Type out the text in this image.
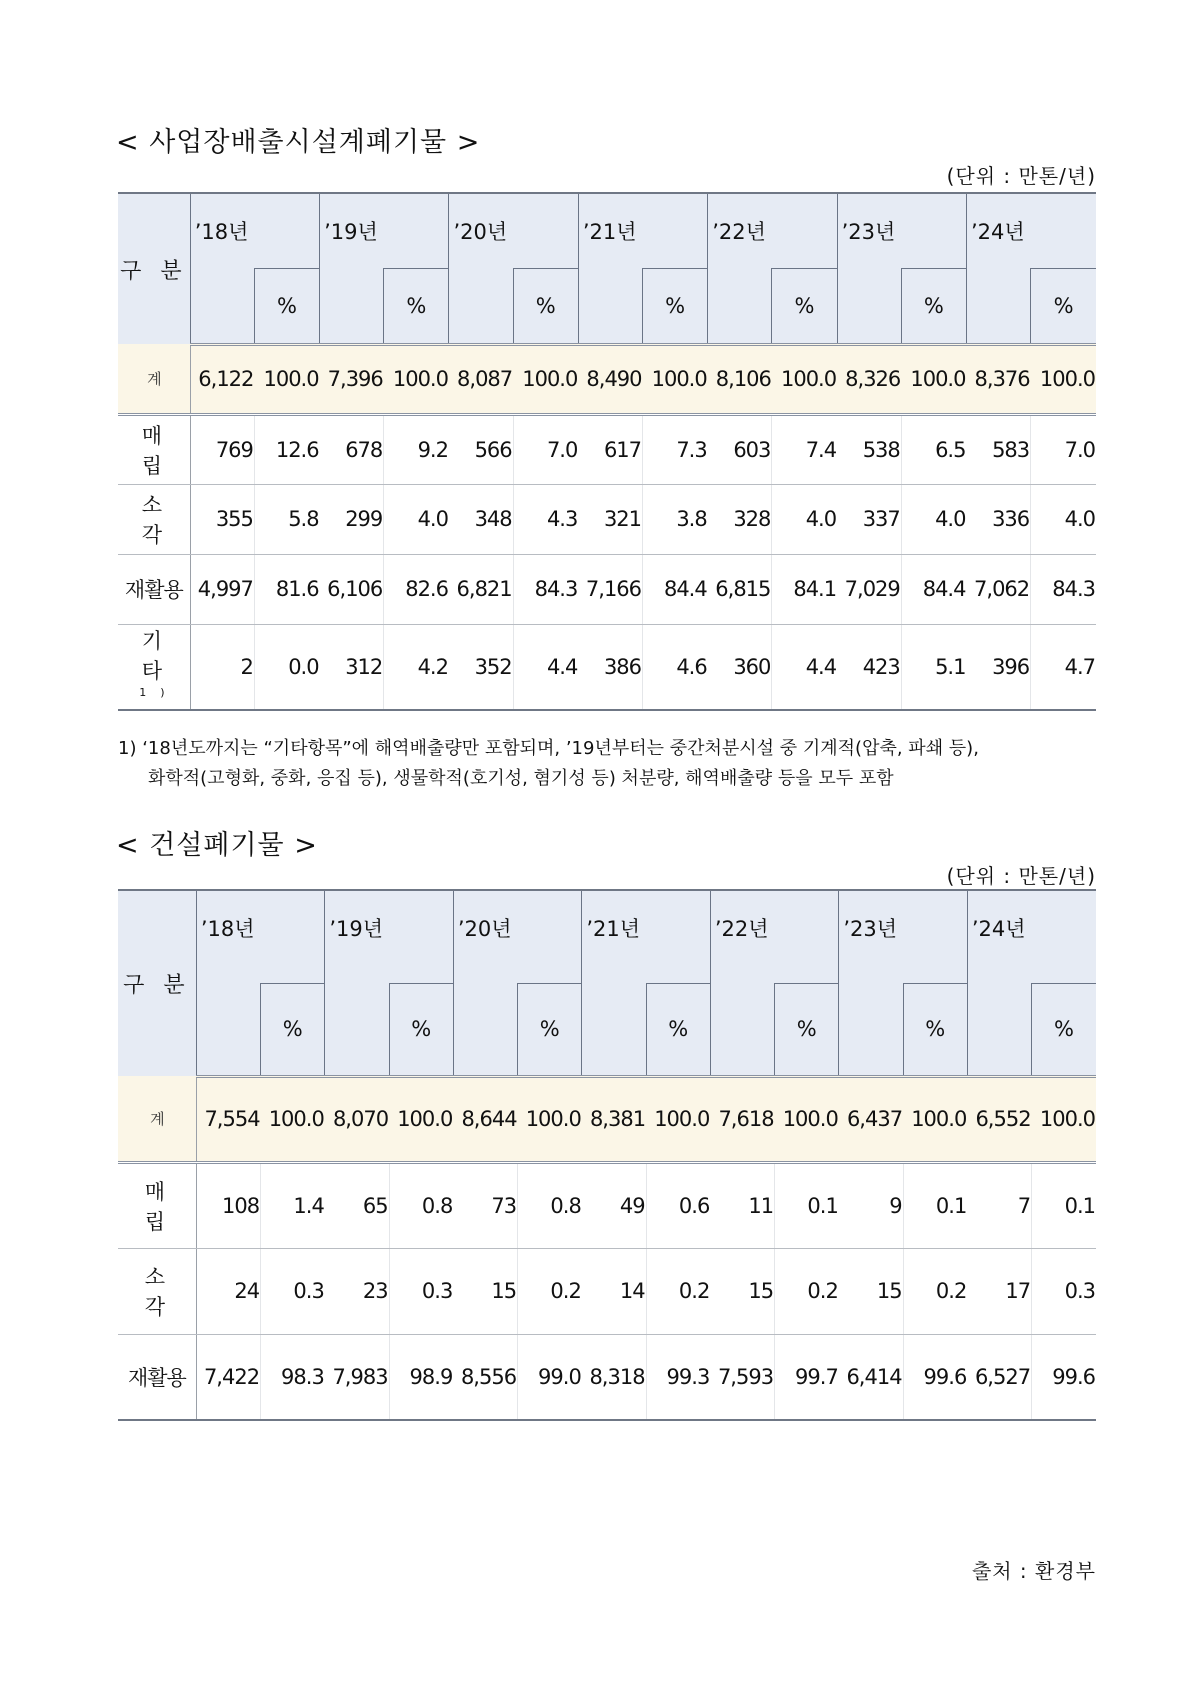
< 사업장배출시설계폐기물 >
(단위 : 만톤/년)
구 분	’18년		’19년		’20년		’21년		’22년		’23년		’24년	
		%		%		%		%		%		%		%
계	6,122	100.0	7,396	100.0	8,087	100.0	8,490	100.0	8,106	100.0	8,326	100.0	8,376	100.0
매 립	769	12.6	678	9.2	566	7.0	617	7.3	603	7.4	538	6.5	583	7.0
소 각	355	5.8	299	4.0	348	4.3	321	3.8	328	4.0	337	4.0	336	4.0
재활용	4,997	81.6	6,106	82.6	6,821	84.3	7,166	84.4	6,815	84.1	7,029	84.4	7,062	84.3
기 타$^{1)}$	2	0.0	312	4.2	352	4.4	386	4.6	360	4.4	423	5.1	396	4.7
1) ‘18년도까지는 “기타항목”에 해역배출량만 포함되며, ’19년부터는 중간처분시설 중 기계적(압축, 파쇄 등),
화학적(고형화, 중화, 응집 등), 생물학적(호기성, 혐기성 등) 처분량, 해역배출량 등을 모두 포함
< 건설폐기물 >
(단위 : 만톤/년)
구 분	’18년		’19년		’20년		’21년		’22년		’23년		’24년	
		%		%		%		%		%		%		%
계	7,554	100.0	8,070	100.0	8,644	100.0	8,381	100.0	7,618	100.0	6,437	100.0	6,552	100.0
매 립	108	1.4	65	0.8	73	0.8	49	0.6	11	0.1	9	0.1	7	0.1
소 각	24	0.3	23	0.3	15	0.2	14	0.2	15	0.2	15	0.2	17	0.3
재활용	7,422	98.3	7,983	98.9	8,556	99.0	8,318	99.3	7,593	99.7	6,414	99.6	6,527	99.6
출처 : 환경부
